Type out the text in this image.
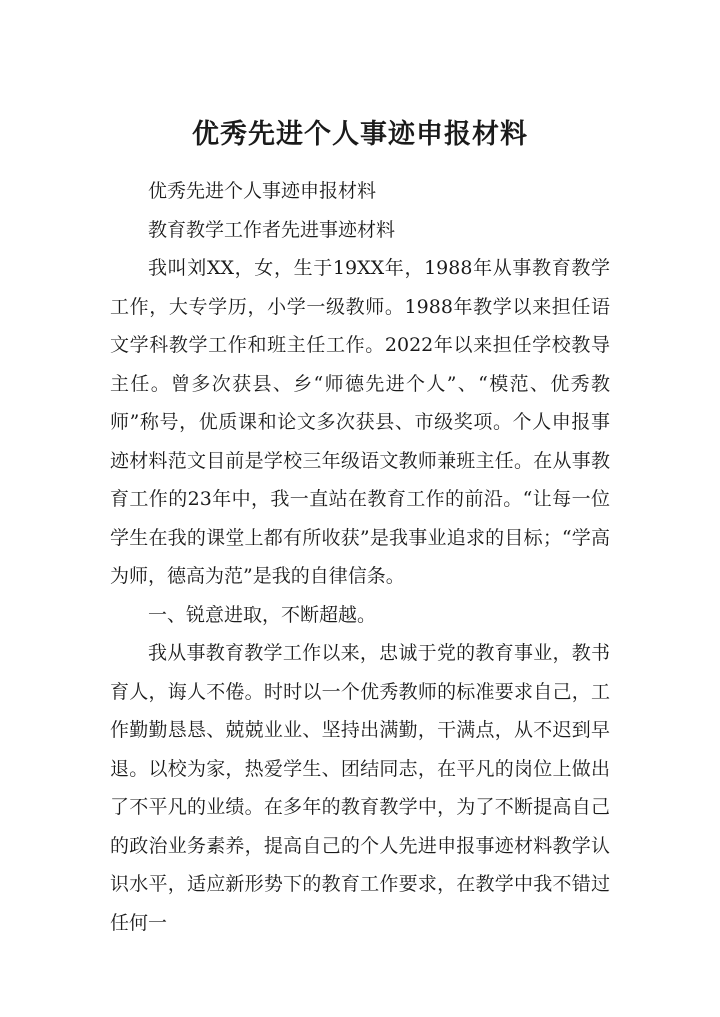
优秀先进个人事迹申报材料

优秀先进个人事迹申报材料

教育教学工作者先进事迹材料

我叫刘XX，女，生于19XX年，1988年从事教育教学工作，大专学历，小学一级教师。1988年教学以来担任语文学科教学工作和班主任工作。2022年以来担任学校教导主任。曾多次获县、乡“师德先进个人”、“模范、优秀教师”称号，优质课和论文多次获县、市级奖项。个人申报事迹材料范文目前是学校三年级语文教师兼班主任。在从事教育工作的23年中，我一直站在教育工作的前沿。“让每一位学生在我的课堂上都有所收获”是我事业追求的目标；“学高为师，德高为范”是我的自律信条。

一、锐意进取，不断超越。

我从事教育教学工作以来，忠诚于党的教育事业，教书育人，诲人不倦。时时以一个优秀教师的标准要求自己，工作勤勤恳恳、兢兢业业、坚持出满勤，干满点，从不迟到早退。以校为家，热爱学生、团结同志，在平凡的岗位上做出了不平凡的业绩。在多年的教育教学中，为了不断提高自己的政治业务素养，提高自己的个人先进申报事迹材料教学认识水平，适应新形势下的教育工作要求，在教学中我不错过任何一
